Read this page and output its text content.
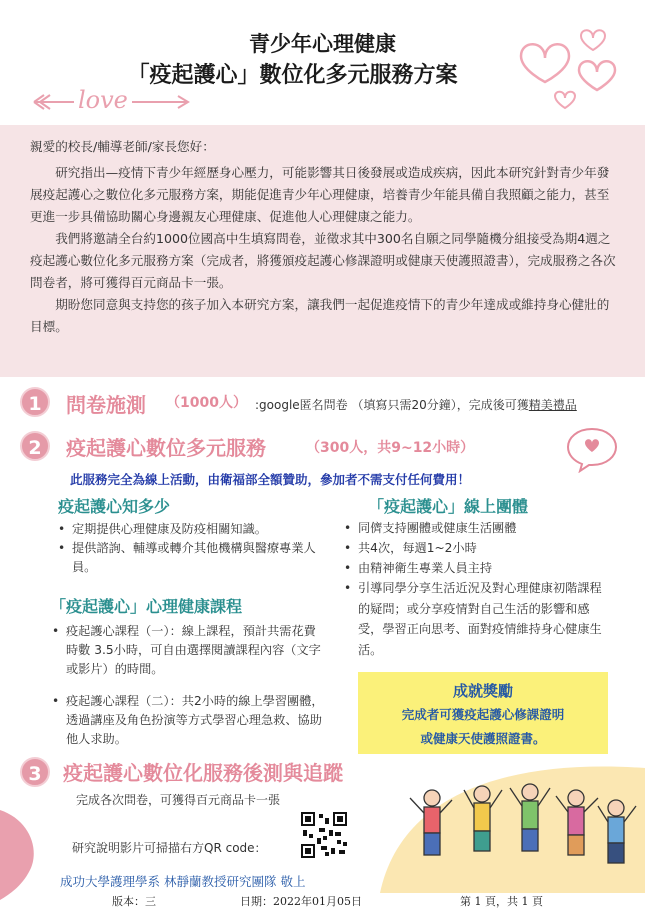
love
青少年心理健康
「疫起護心」數位化多元服務方案

親愛的校長/輔導老師/家長您好：

研究指出—疫情下青少年經歷身心壓力，可能影響其日後發展或造成疾病，因此本研究針對青少年發展疫起護心之數位化多元服務方案，期能促進青少年心理健康，培養青少年能具備自我照顧之能力，甚至更進一步具備協助關心身邊親友心理健康、促進他人心理健康之能力。

我們將邀請全台約1000位國高中生填寫問卷，並徵求其中300名自願之同學隨機分組接受為期4週之疫起護心數位化多元服務方案（完成者，將獲頒疫起護心修課證明或健康天使護照證書），完成服務之各次問卷者，將可獲得百元商品卡一張。

期盼您同意與支持您的孩子加入本研究方案，讓我們一起促進疫情下的青少年達成或維持身心健壯的目標。

1	問卷施測 （1000人） :google匿名問卷 （填寫只需20分鐘），完成後可獲精美禮品
2	疫起護心數位多元服務	（300人，共9~12小時）
此服務完全為線上活動，由衛福部全額贊助，參加者不需支付任何費用！
疫起護心知多少
• 定期提供心理健康及防疫相關知識。
• 提供諮詢、輔導或轉介其他機構與醫療專業人員。
「疫起護心」心理健康課程
• 疫起護心課程（一）：線上課程，預計共需花費時數 3.5小時，可自由選擇閱讀課程內容（文字或影片）的時間。
• 疫起護心課程（二）：共2小時的線上學習團體，透過講座及角色扮演等方式學習心理急救、協助他人求助。
「疫起護心」線上團體
• 同儕支持團體或健康生活團體
• 共4次，每週1~2小時
• 由精神衛生專業人員主持
• 引導同學分享生活近況及對心理健康初階課程的疑問；或分享疫情對自己生活的影響和感受，學習正向思考、面對疫情維持身心健康生活。
成就獎勵
完成者可獲疫起護心修課證明
或健康天使護照證書。
3	疫起護心數位化服務後測與追蹤
完成各次問卷，可獲得百元商品卡一張
研究說明影片可掃描右方QR code：
成功大學護理學系 林靜蘭教授研究團隊 敬上
版本：三	日期：2022年01月05日	第 1 頁，共 1 頁
